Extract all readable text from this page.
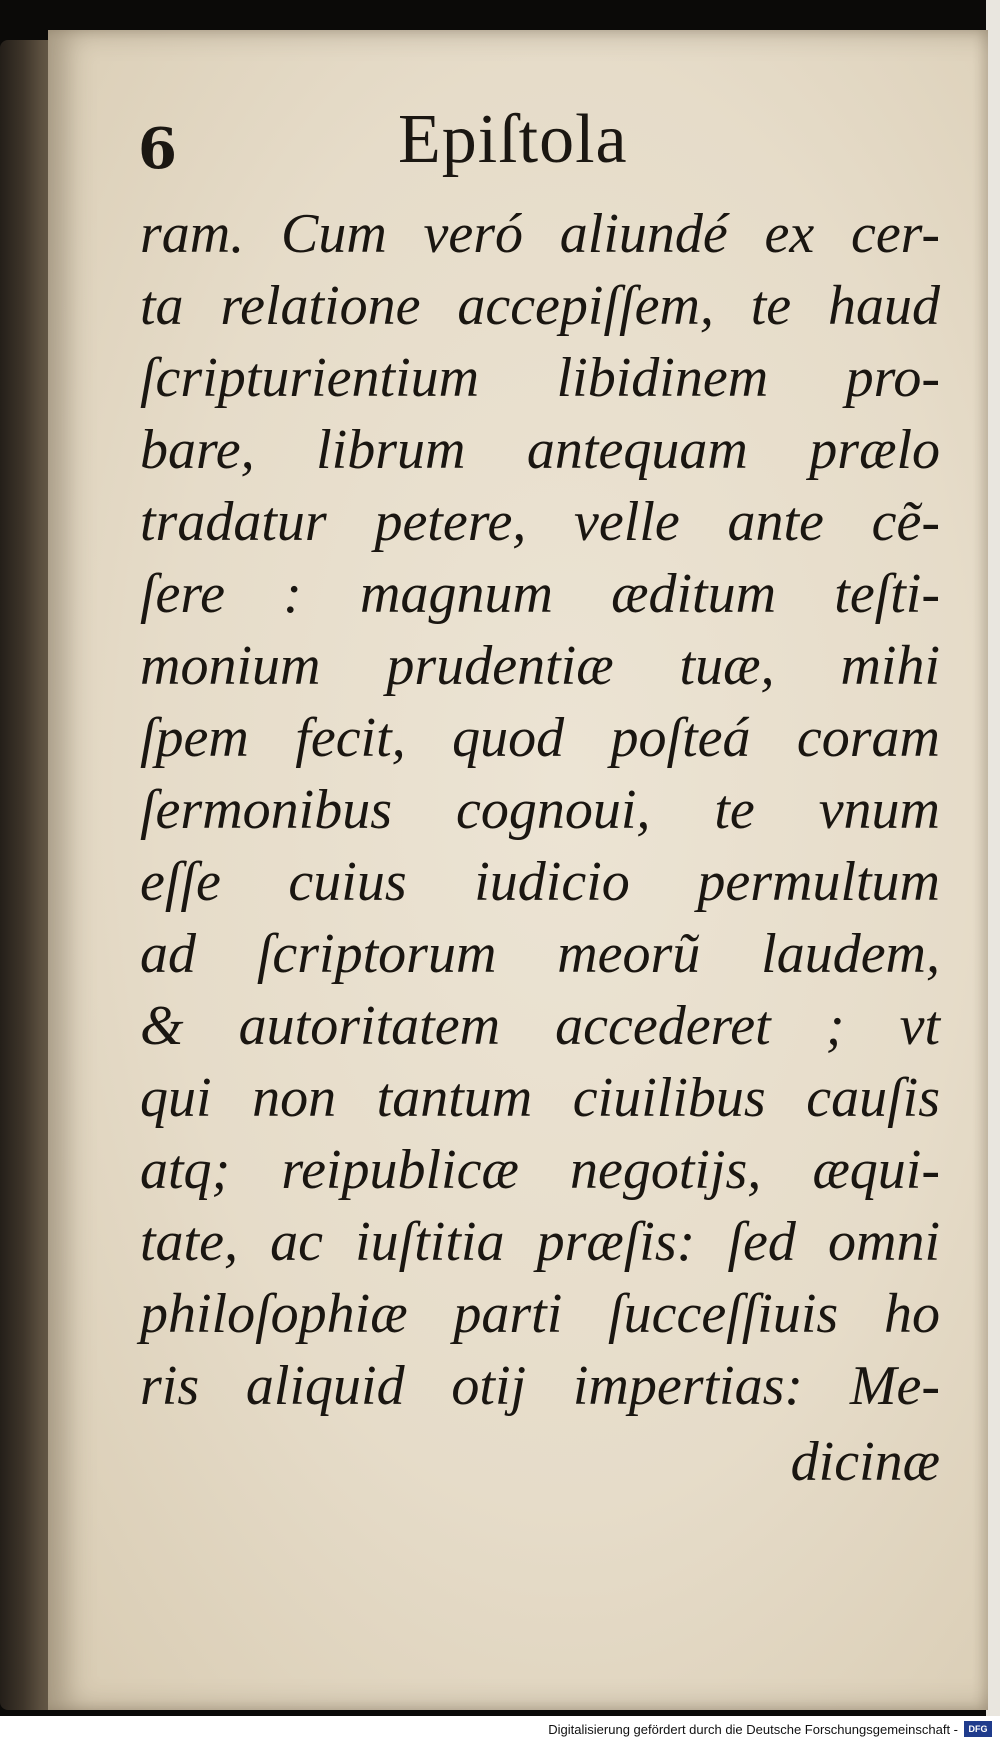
6	Epiſtola
ram. Cum veró aliundé ex cer-
ta relatione accepiſſem, te haud
ſcripturientium libidinem pro-
bare, librum antequam prælo
tradatur petere, velle ante cẽ-
ſere : magnum æditum teſti-
monium prudentiæ tuæ, mihi
ſpem fecit, quod poſteá coram
ſermonibus cognoui, te vnum
eſſe cuius iudicio permultum
ad ſcriptorum meorũ laudem,
& autoritatem accederet ; vt
qui non tantum ciuilibus cauſis
atq; reipublicæ negotijs, æqui-
tate, ac iuſtitia præſis: ſed omni
philoſophiæ parti ſucceſſiuis ho
ris aliquid otij impertias: Me-
dicinæ
Digitalisierung gefördert durch die Deutsche Forschungsgemeinschaft -	DFG
